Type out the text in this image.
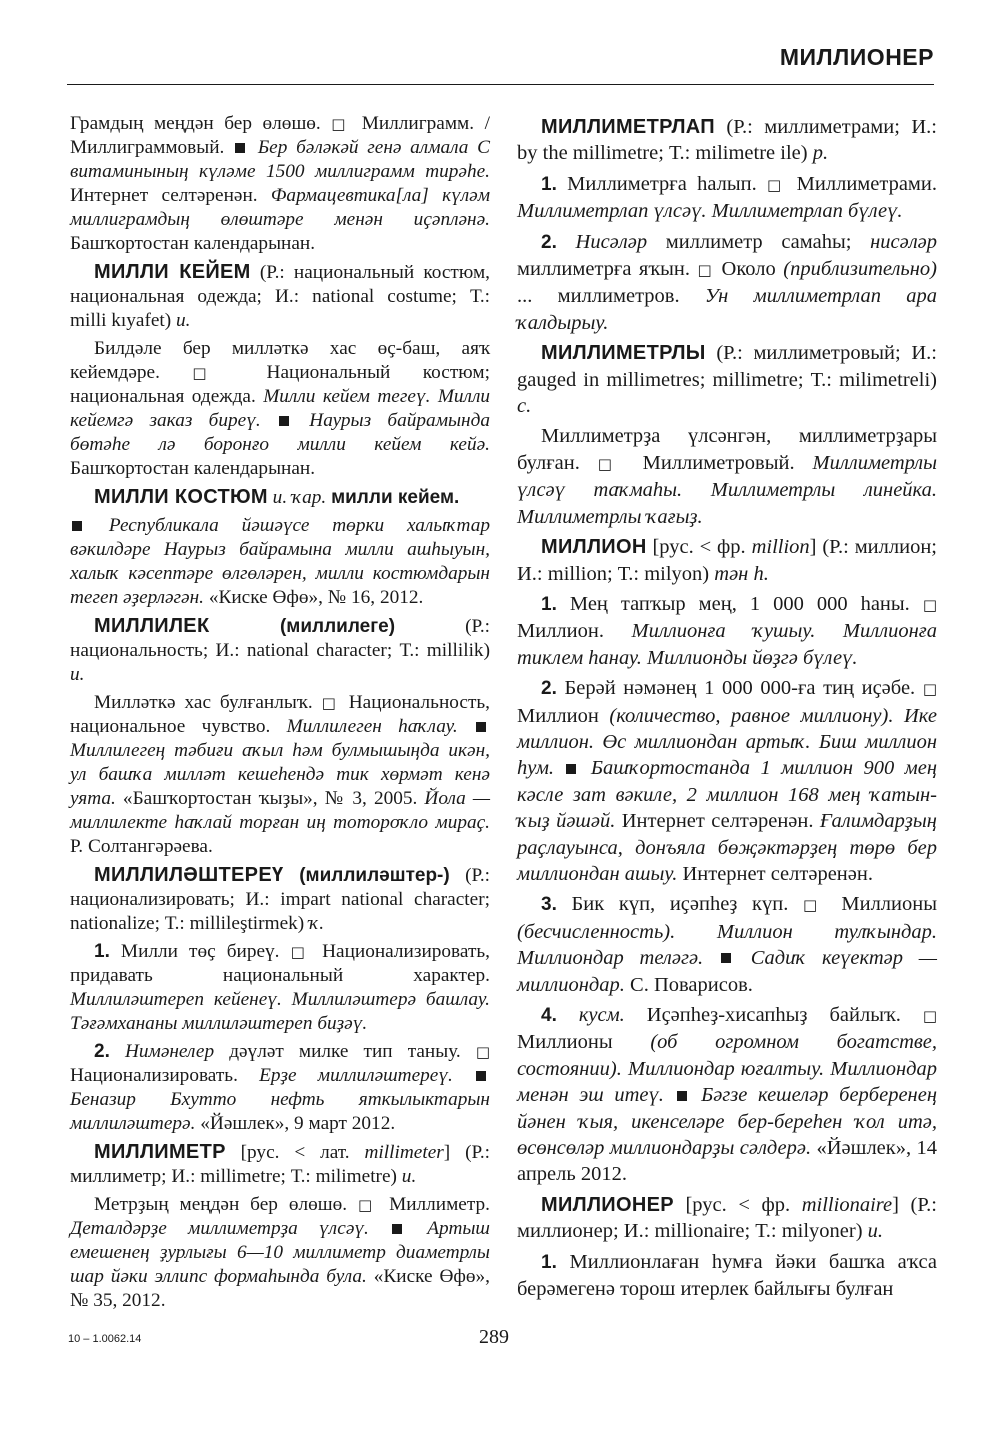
МИЛЛИОНЕР

Грамдың меңдән бер өлөшө. □ Миллиграмм. / Миллиграммовый.  Бер бәләкәй генә алмала С витаминының күләме 1500 миллиграмм тирәһе. Интернет селтәренән. Фармацевтика[ла] күләм миллиграмдың өлөштәре менән иҫәпләнә. Башҡортостан календарынан.

МИЛЛИ КЕЙЕМ (Р.: национальный костюм, национальная одежда; И.: national costume; Т.: milli kıyafet) и.

Билдәле бер милләткә хас өҫ-баш, аяҡ кейемдәре. □ Национальный костюм; национальная одежда. Милли кейем тегеү. Милли кейемгә заказ биреү.	Наурыз байрамында бөтәһе лә боронғо милли кейем кейә. Башҡортостан календарынан.

МИЛЛИ КОСТЮМ и. ҡар. милли кейем.

Республикала йәшәүсе төрки халыҡтар вәкилдәре Наурыз байрамына милли ашһыуын, халыҡ кәсептәре өлгөләрен, милли костюмдарын тегеп әҙерләгән. «Киске Өфө», № 16, 2012.

МИЛЛИЛЕК (миллилеге) (Р.: национальность; И.: national character; Т.: millilik) и.

Милләткә хас булғанлыҡ. □ Национальность, национальное чувство. Миллилеген һаҡлау.  Миллилегең тәбиғи аҡыл һәм булмышыңда икән, ул башҡа милләт кешеһендә тик хөрмәт кенә уята. «Башҡортостан ҡыҙы», № 3, 2005. Йола — миллилекте һаҡлай торған иң тотороҡло мираҫ. Р. Солтангәрәева.

МИЛЛИЛӘШТЕРЕҮ (миллиләштер-) (Р.: национализировать; И.: impart national character; nationalize; Т.: millileştirmek) ҡ.

1. Милли төҫ биреү. □ Национализировать, придавать национальный характер. Миллиләштереп кейенеү. Миллиләштерә башлау. Тәғәмхананы миллиләштереп биҙәү.

2. Нимәнелер дәүләт милке тип таныу. □ Национализировать. Ерҙе миллиләштереү.  Беназир Бхутто нефть яткылыктарын миллиләштерә. «Йәшлек», 9 март 2012.

МИЛЛИМЕТР [рус. < лат. millimeter] (Р.: миллиметр; И.: millimetre; Т.: milimetre) и.

Метрҙың меңдән бер өлөшө. □ Миллиметр. Деталдәрҙе миллиметрҙа үлсәү.	Артыш емешенең ҙурлығы 6—10 миллиметр диаметрлы шар йәки эллипс формаһында була. «Киске Өфө», № 35, 2012.

МИЛЛИМЕТРЛАП (Р.: миллиметрами; И.: by the millimetre; Т.: milimetre ile) р.

1. Миллиметрға һалып. □ Миллиметрами. Миллиметрлап үлсәү. Миллиметрлап бүлеү.

2. Нисәләр миллиметр самаһы; нисәләр миллиметрға яҡын. □ Около (приблизительно) ... миллиметров. Ун миллиметрлап ара ҡалдырыу.

МИЛЛИМЕТРЛЫ (Р.: миллиметровый; И.: gauged in millimetres; millimetre; Т.: milimetreli) с.

Миллиметрҙа үлсәнгән, миллиметрҙары булған. □ Миллиметровый. Миллиметрлы үлсәү таҡмаһы. Миллиметрлы линейка. Миллиметрлы ҡағыҙ.

МИЛЛИОН [рус. < фр. million] (Р.: миллион; И.: million; Т.: milyon) тән һ.

1. Мең тапҡыр мең, 1 000 000 һаны. □ Миллион. Миллионға ҡушыу. Миллионға тиклем һанау. Миллионды йөҙгә бүлеү.

2. Берәй нәмәнең 1 000 000-ға тиң иҫәбе. □ Миллион (количество, равное миллиону). Ике миллион. Өс миллиондан артыҡ. Биш миллион һум. Башҡортостанда 1 миллион 900 мең кәсле зат вәкиле, 2 миллион 168 мең ҡатын-ҡыҙ йәшәй. Интернет селтәренән. Ғалимдарҙың раҫлауынса, донъяла бөҗәктәрҙең төрө бер миллиондан ашыу. Интернет селтәренән.

3. Бик күп, иҫәпһеҙ күп. □ Миллионы (бесчисленность). Миллион тулҡындар. Миллиондар теләгә. Садиҡ кеүектәр — миллиондар. С. Поварисов.

4. кусм. Иҫәпһеҙ-хисапһыҙ байлыҡ. □ Миллионы (об огромном богатстве, состоянии). Миллиондар юғалтыу. Миллиондар менән эш итеү. Бәгзе кешеләр берберенең йәнен ҡыя, икенселәре бер-береһен ҡол итә, өсөнсөләр миллиондарҙы сәлдерә. «Йәшлек», 14 апрель 2012.

МИЛЛИОНЕР [рус. < фр. millionaire] (Р.: миллионер; И.: millionaire; Т.: milyoner) и.

1. Миллионлаған һумға йәки башҡа аҡса берәмегенә торош итерлек байлығы булған

10 – 1.0062.14	289
